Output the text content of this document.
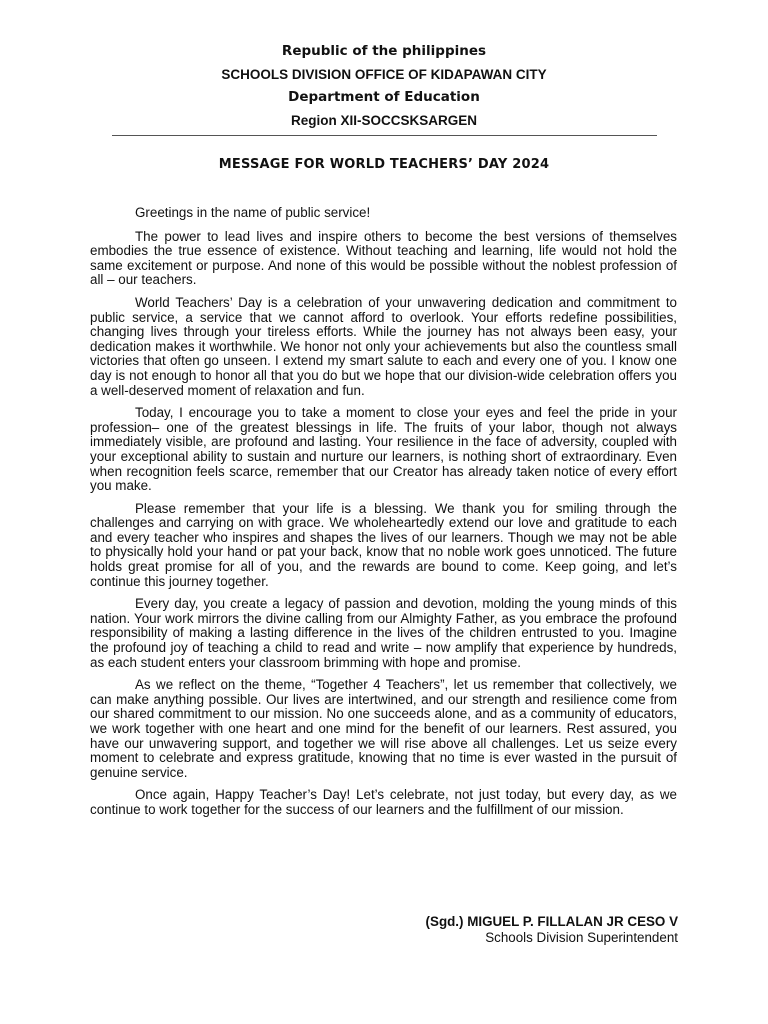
Republic of the philippines
SCHOOLS DIVISION OFFICE OF KIDAPAWAN CITY
Department of Education
Region XII-SOCCSKSARGEN
MESSAGE FOR WORLD TEACHERS’ DAY 2024

Greetings in the name of public service!

The power to lead lives and inspire others to become the best versions of themselves embodies the true essence of existence. Without teaching and learning, life would not hold the same excitement or purpose. And none of this would be possible without the noblest profession of all – our teachers.

World Teachers’ Day is a celebration of your unwavering dedication and commitment to public service, a service that we cannot afford to overlook. Your efforts redefine possibilities, changing lives through your tireless efforts. While the journey has not always been easy, your dedication makes it worthwhile. We honor not only your achievements but also the countless small victories that often go unseen. I extend my smart salute to each and every one of you. I know one day is not enough to honor all that you do but we hope that our division-wide celebration offers you a well-deserved moment of relaxation and fun.

Today, I encourage you to take a moment to close your eyes and feel the pride in your profession– one of the greatest blessings in life. The fruits of your labor, though not always immediately visible, are profound and lasting. Your resilience in the face of adversity, coupled with your exceptional ability to sustain and nurture our learners, is nothing short of extraordinary. Even when recognition feels scarce, remember that our Creator has already taken notice of every effort you make.

Please remember that your life is a blessing. We thank you for smiling through the challenges and carrying on with grace. We wholeheartedly extend our love and gratitude to each and every teacher who inspires and shapes the lives of our learners. Though we may not be able to physically hold your hand or pat your back, know that no noble work goes unnoticed. The future holds great promise for all of you, and the rewards are bound to come. Keep going, and let’s continue this journey together.

Every day, you create a legacy of passion and devotion, molding the young minds of this nation. Your work mirrors the divine calling from our Almighty Father, as you embrace the profound responsibility of making a lasting difference in the lives of the children entrusted to you. Imagine the profound joy of teaching a child to read and write – now amplify that experience by hundreds, as each student enters your classroom brimming with hope and promise.

As we reflect on the theme, “Together 4 Teachers”, let us remember that collectively, we can make anything possible. Our lives are intertwined, and our strength and resilience come from our shared commitment to our mission. No one succeeds alone, and as a community of educators, we work together with one heart and one mind for the benefit of our learners. Rest assured, you have our unwavering support, and together we will rise above all challenges. Let us seize every moment to celebrate and express gratitude, knowing that no time is ever wasted in the pursuit of genuine service.

Once again, Happy Teacher’s Day! Let’s celebrate, not just today, but every day, as we continue to work together for the success of our learners and the fulfillment of our mission.

(Sgd.) MIGUEL P. FILLALAN JR CESO V
Schools Division Superintendent
